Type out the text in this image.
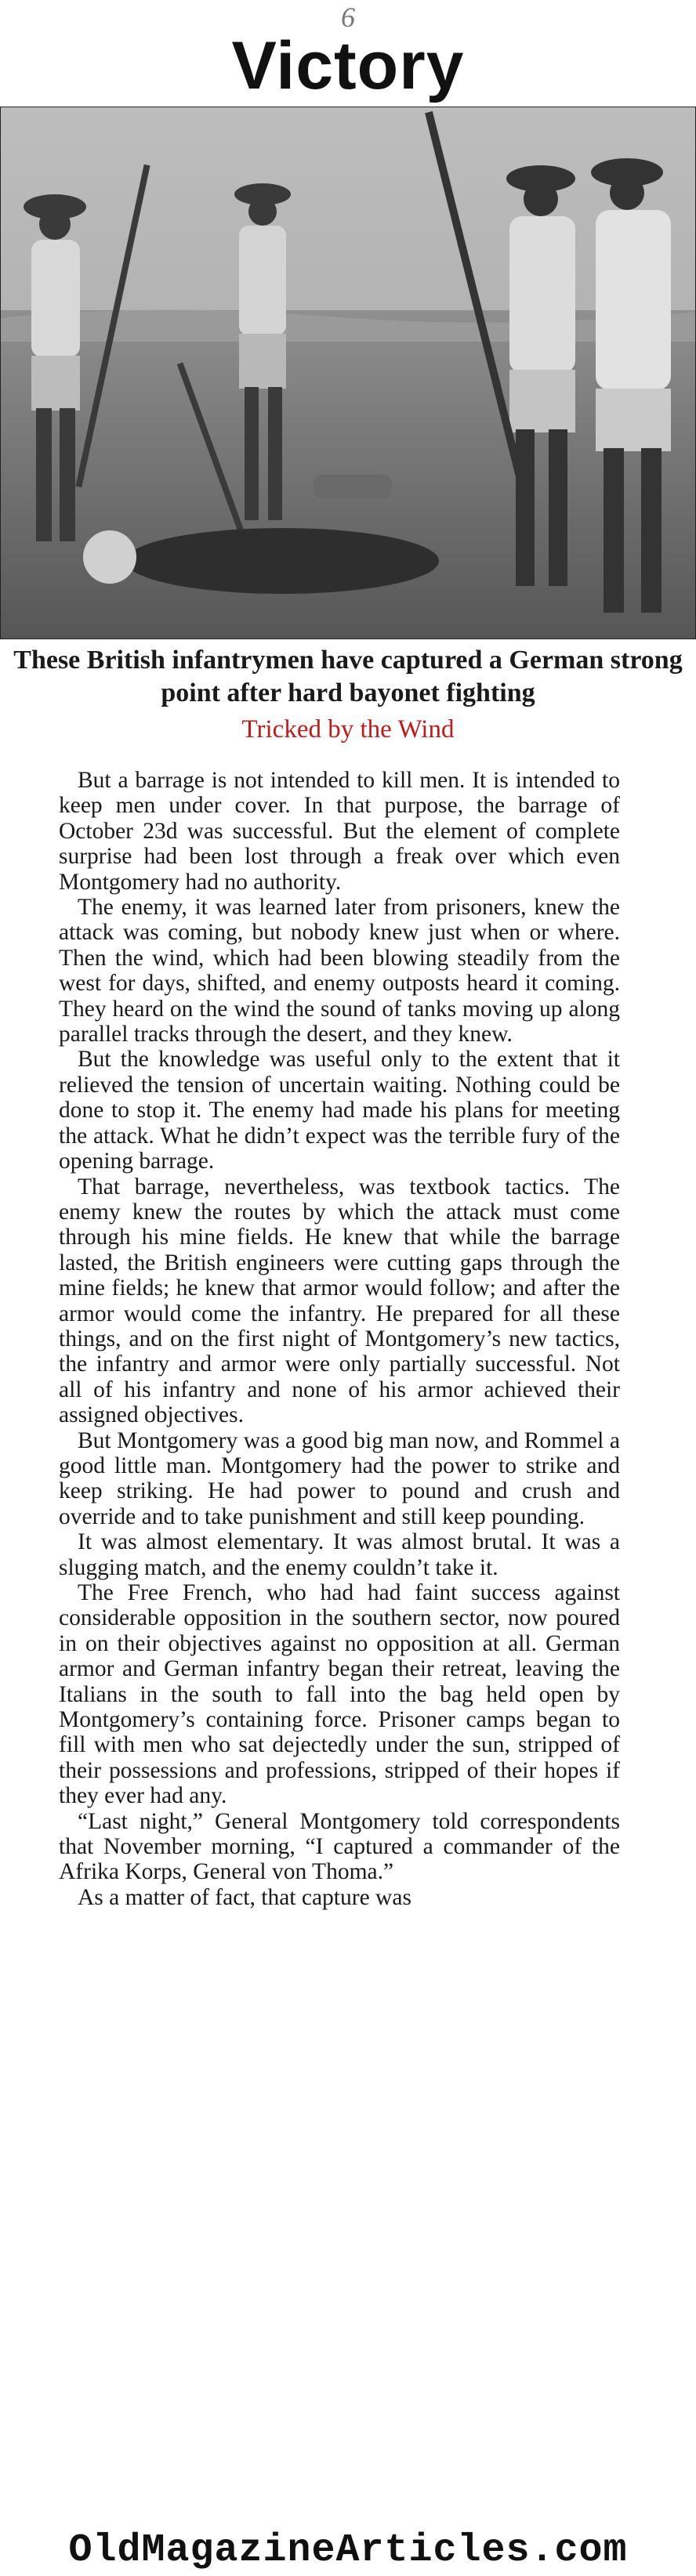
6
Victory
These British infantrymen have captured a German strong point after hard bayonet fighting
Tricked by the Wind

But a barrage is not intended to kill men. It is intended to keep men under cover. In that purpose, the barrage of October 23d was successful. But the element of complete surprise had been lost through a freak over which even Montgomery had no authority.

The enemy, it was learned later from prisoners, knew the attack was coming, but nobody knew just when or where. Then the wind, which had been blowing steadily from the west for days, shifted, and enemy outposts heard it coming. They heard on the wind the sound of tanks moving up along parallel tracks through the desert, and they knew.

But the knowledge was useful only to the extent that it relieved the tension of uncertain waiting. Nothing could be done to stop it. The enemy had made his plans for meeting the attack. What he didn’t expect was the terrible fury of the opening barrage.

That barrage, nevertheless, was textbook tactics. The enemy knew the routes by which the attack must come through his mine fields. He knew that while the barrage lasted, the British engineers were cutting gaps through the mine fields; he knew that armor would follow; and after the armor would come the infantry. He prepared for all these things, and on the first night of Montgomery’s new tactics, the infantry and armor were only partially successful. Not all of his infantry and none of his armor achieved their assigned objectives.

But Montgomery was a good big man now, and Rommel a good little man. Montgomery had the power to strike and keep striking. He had power to pound and crush and override and to take punishment and still keep pounding.

It was almost elementary. It was almost brutal. It was a slugging match, and the enemy couldn’t take it.

The Free French, who had had faint success against considerable opposition in the southern sector, now poured in on their objectives against no opposition at all. German armor and German infantry began their retreat, leaving the Italians in the south to fall into the bag held open by Montgomery’s containing force. Prisoner camps began to fill with men who sat dejectedly under the sun, stripped of their possessions and professions, stripped of their hopes if they ever had any.

“Last night,” General Montgomery told correspondents that November morning, “I captured a commander of the Afrika Korps, General von Thoma.”

As a matter of fact, that capture was

OldMagazineArticles.com
